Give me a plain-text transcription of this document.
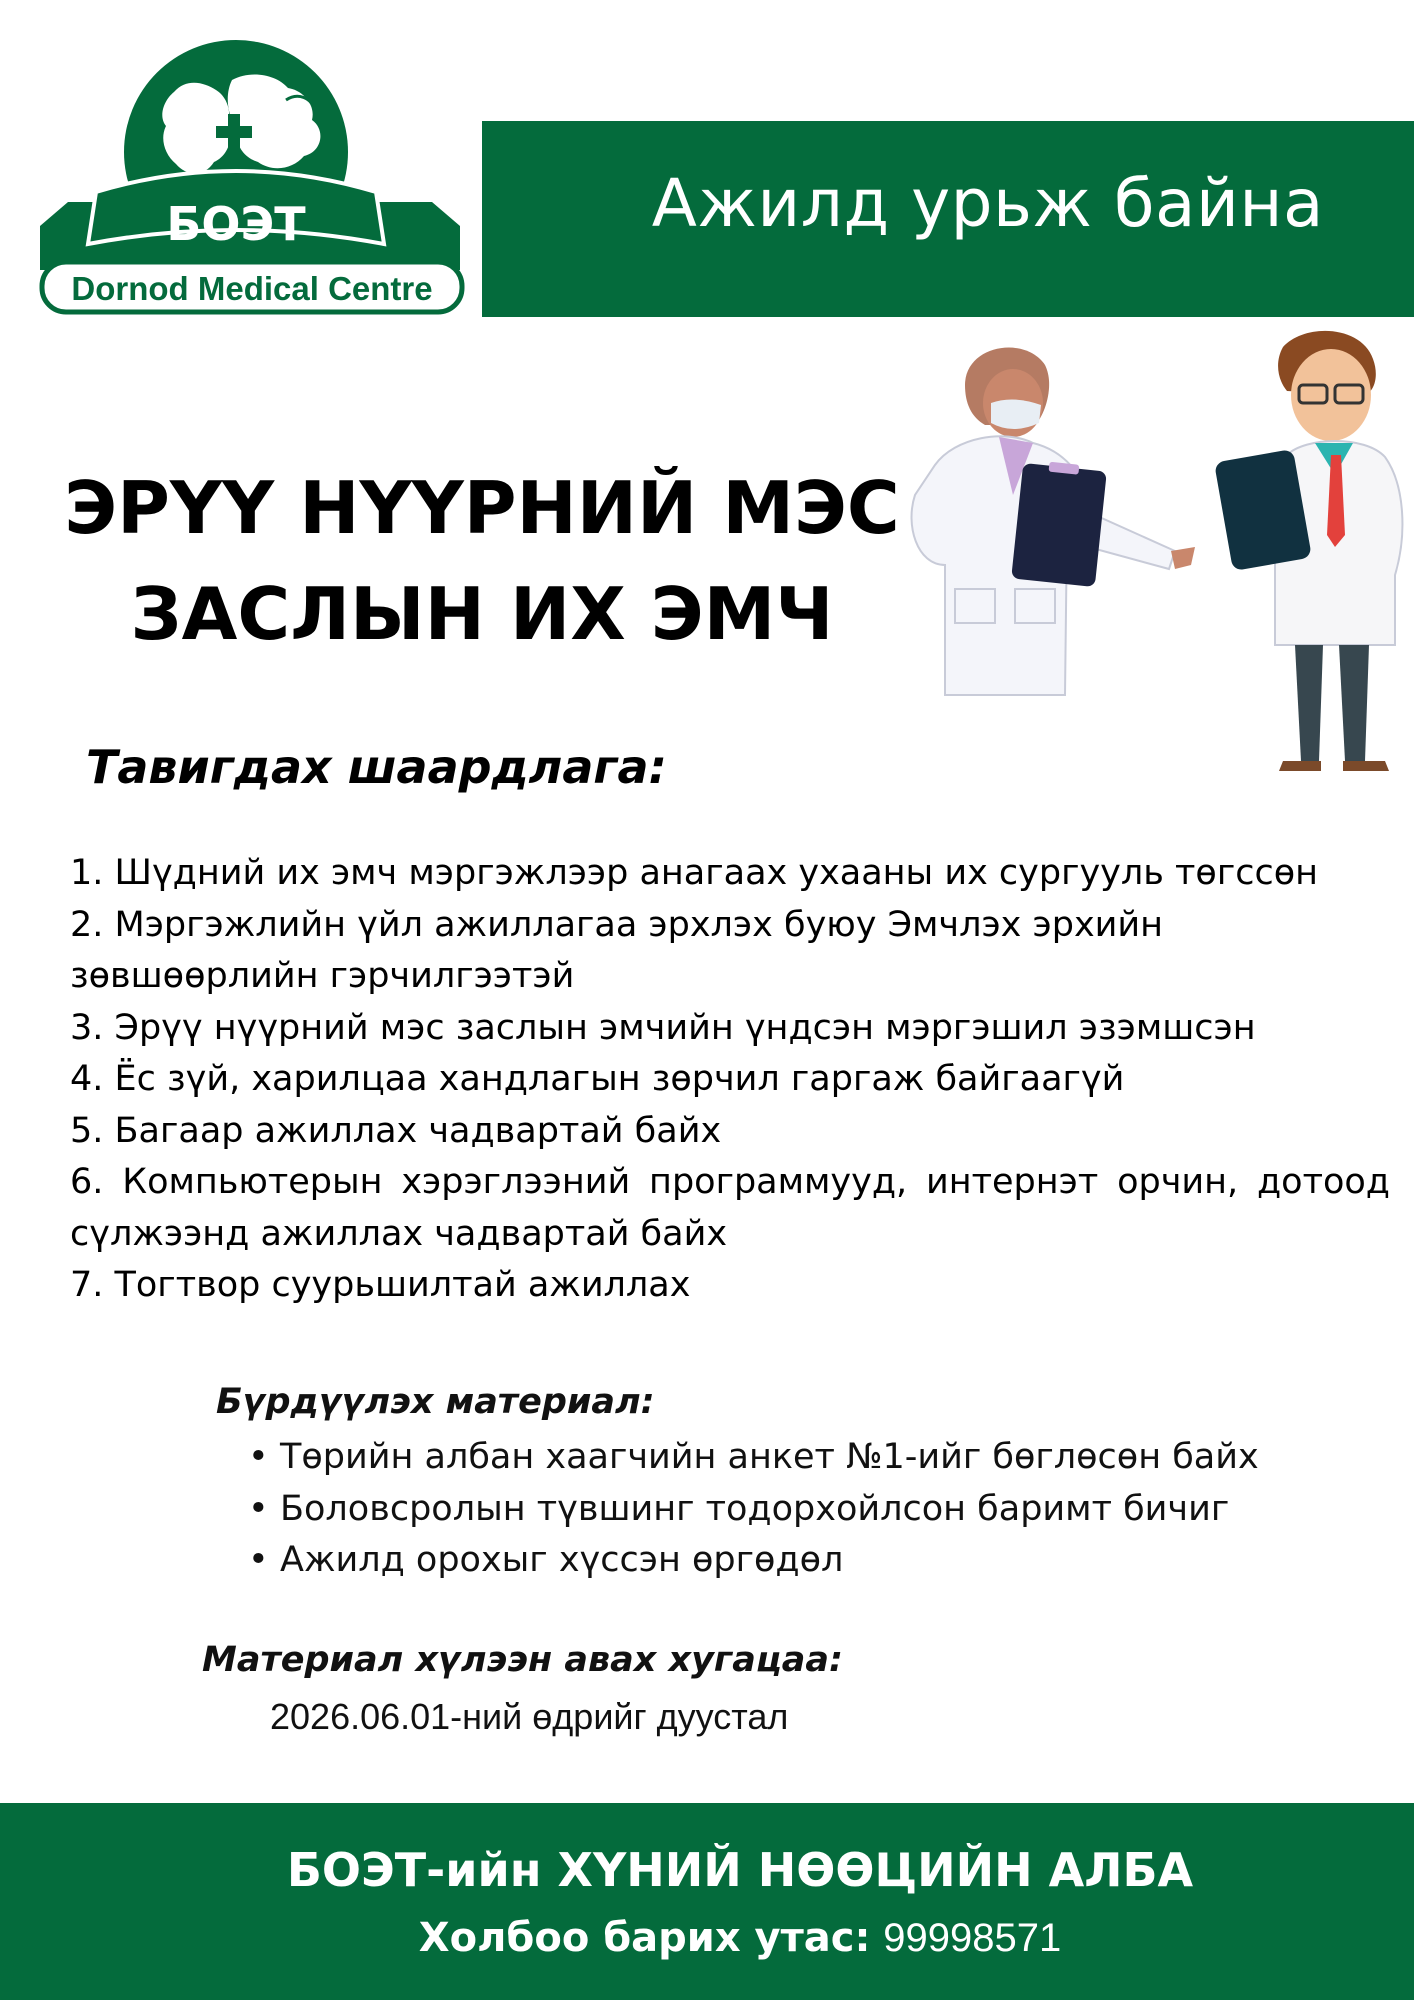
БОЭТ
Dornod Medical Centre
Ажилд урьж байна
ЭРҮҮ НҮҮРНИЙ МЭС
ЗАСЛЫН ИХ ЭМЧ
Тавигдах шаардлага:
1. Шүдний их эмч мэргэжлээр анагаах ухааны их сургууль төгссөн
2. Мэргэжлийн үйл ажиллагаа эрхлэх буюу Эмчлэх эрхийн зөвшөөрлийн гэрчилгээтэй
3. Эрүү нүүрний мэс заслын эмчийн үндсэн мэргэшил эзэмшсэн
4. Ёс зүй, харилцаа хандлагын зөрчил гаргаж байгаагүй
5. Багаар ажиллах чадвартай байх
6. Компьютерын хэрэглээний программууд, интернэт орчин, дотоод сүлжээнд ажиллах чадвартай байх
7. Тогтвор суурьшилтай ажиллах
Бүрдүүлэх материал:
• Төрийн албан хаагчийн анкет №1-ийг бөглөсөн байх
• Боловсролын түвшинг тодорхойлсон баримт бичиг
• Ажилд орохыг хүссэн өргөдөл
Материал хүлээн авах хугацаа:
2026.06.01-ний өдрийг дуустал
БОЭТ-ийн ХҮНИЙ НӨӨЦИЙН АЛБА
Холбоо барих утас: 99998571
